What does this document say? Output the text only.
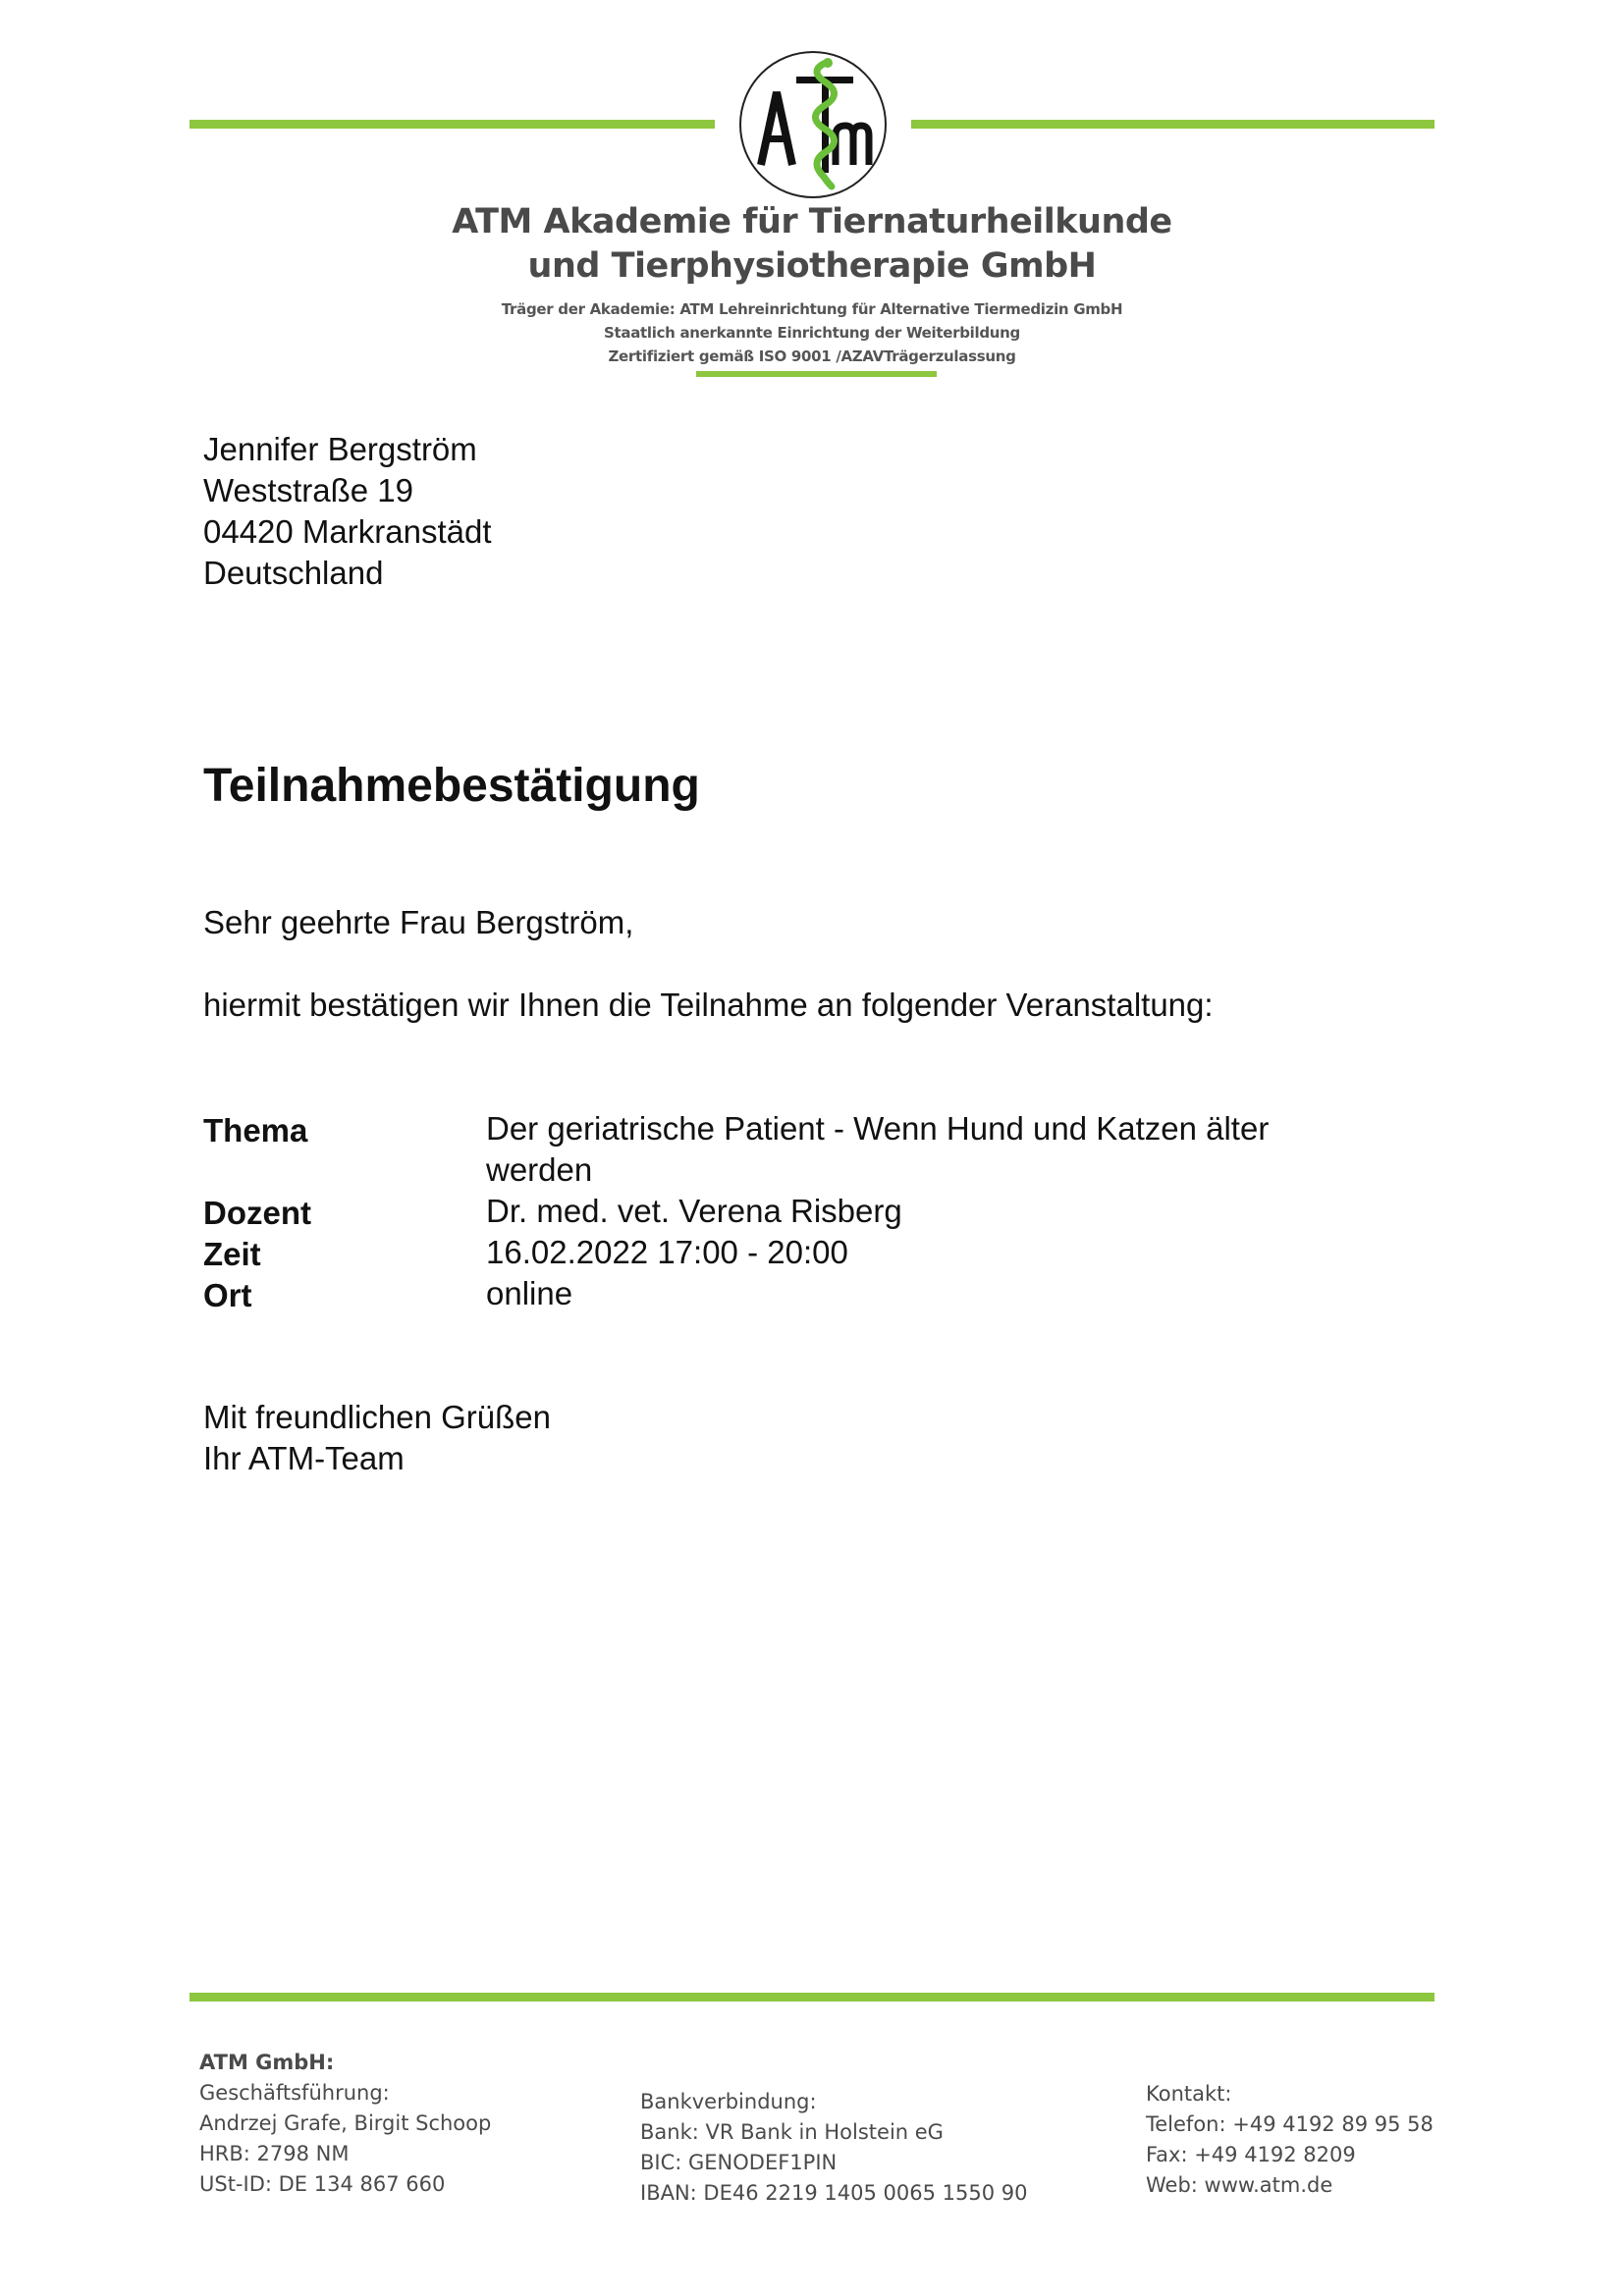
ATM Akademie für Tiernaturheilkunde
und Tierphysiotherapie GmbH
Träger der Akademie: ATM Lehreinrichtung für Alternative Tiermedizin GmbH
Staatlich anerkannte Einrichtung der Weiterbildung
Zertifiziert gemäß ISO 9001 /AZAVTrägerzulassung
Jennifer Bergström
Weststraße 19
04420 Markranstädt
Deutschland
Teilnahmebestätigung
Sehr geehrte Frau Bergström,
hiermit bestätigen wir Ihnen die Teilnahme an folgender Veranstaltung:
Thema	Der geriatrische Patient - Wenn Hund und Katzen älter
werden
Dozent	Dr. med. vet. Verena Risberg
Zeit	16.02.2022 17:00 - 20:00
Ort	online
Mit freundlichen Grüßen
Ihr ATM-Team
ATM GmbH:
Geschäftsführung:
Andrzej Grafe, Birgit Schoop
HRB: 2798 NM
USt-ID: DE 134 867 660
Bankverbindung:
Bank: VR Bank in Holstein eG
BIC: GENODEF1PIN
IBAN: DE46 2219 1405 0065 1550 90
Kontakt:
Telefon: +49 4192 89 95 58
Fax: +49 4192 8209
Web: www.atm.de
